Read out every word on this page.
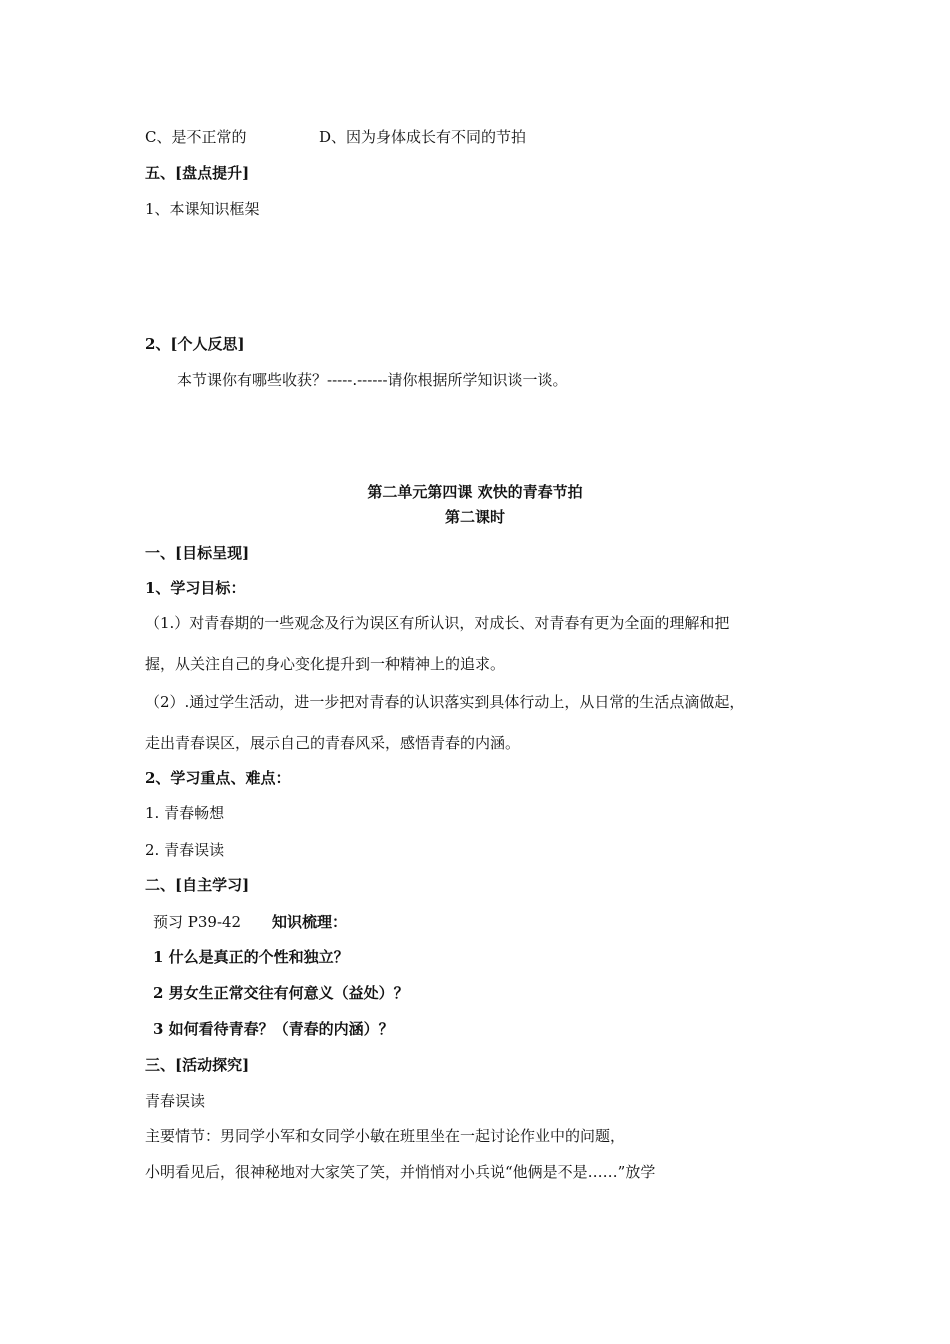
C、是不正常的	D、因为身体成长有不同的节拍
五、[盘点提升]
1、本课知识框架
2、[个人反思]
本节课你有哪些收获？-----.------请你根据所学知识谈一谈。
第二单元第四课 欢快的青春节拍
第二课时
一、[目标呈现]
1、学习目标：
（1.）对青春期的一些观念及行为误区有所认识，对成长、对青春有更为全面的理解和把
握，从关注自己的身心变化提升到一种精神上的追求。
（2）.通过学生活动，进一步把对青春的认识落实到具体行动上，从日常的生活点滴做起，
走出青春误区，展示自己的青春风采，感悟青春的内涵。
2、学习重点、难点：
1. 青春畅想
2. 青春误读
二、[自主学习]
预习 P39-42 知识梳理：
1 什么是真正的个性和独立？
2 男女生正常交往有何意义（益处）？
3 如何看待青春？（青春的内涵）？
三、[活动探究]
青春误读
主要情节：男同学小军和女同学小敏在班里坐在一起讨论作业中的问题，
小明看见后，很神秘地对大家笑了笑，并悄悄对小兵说“他俩是不是……”放学
